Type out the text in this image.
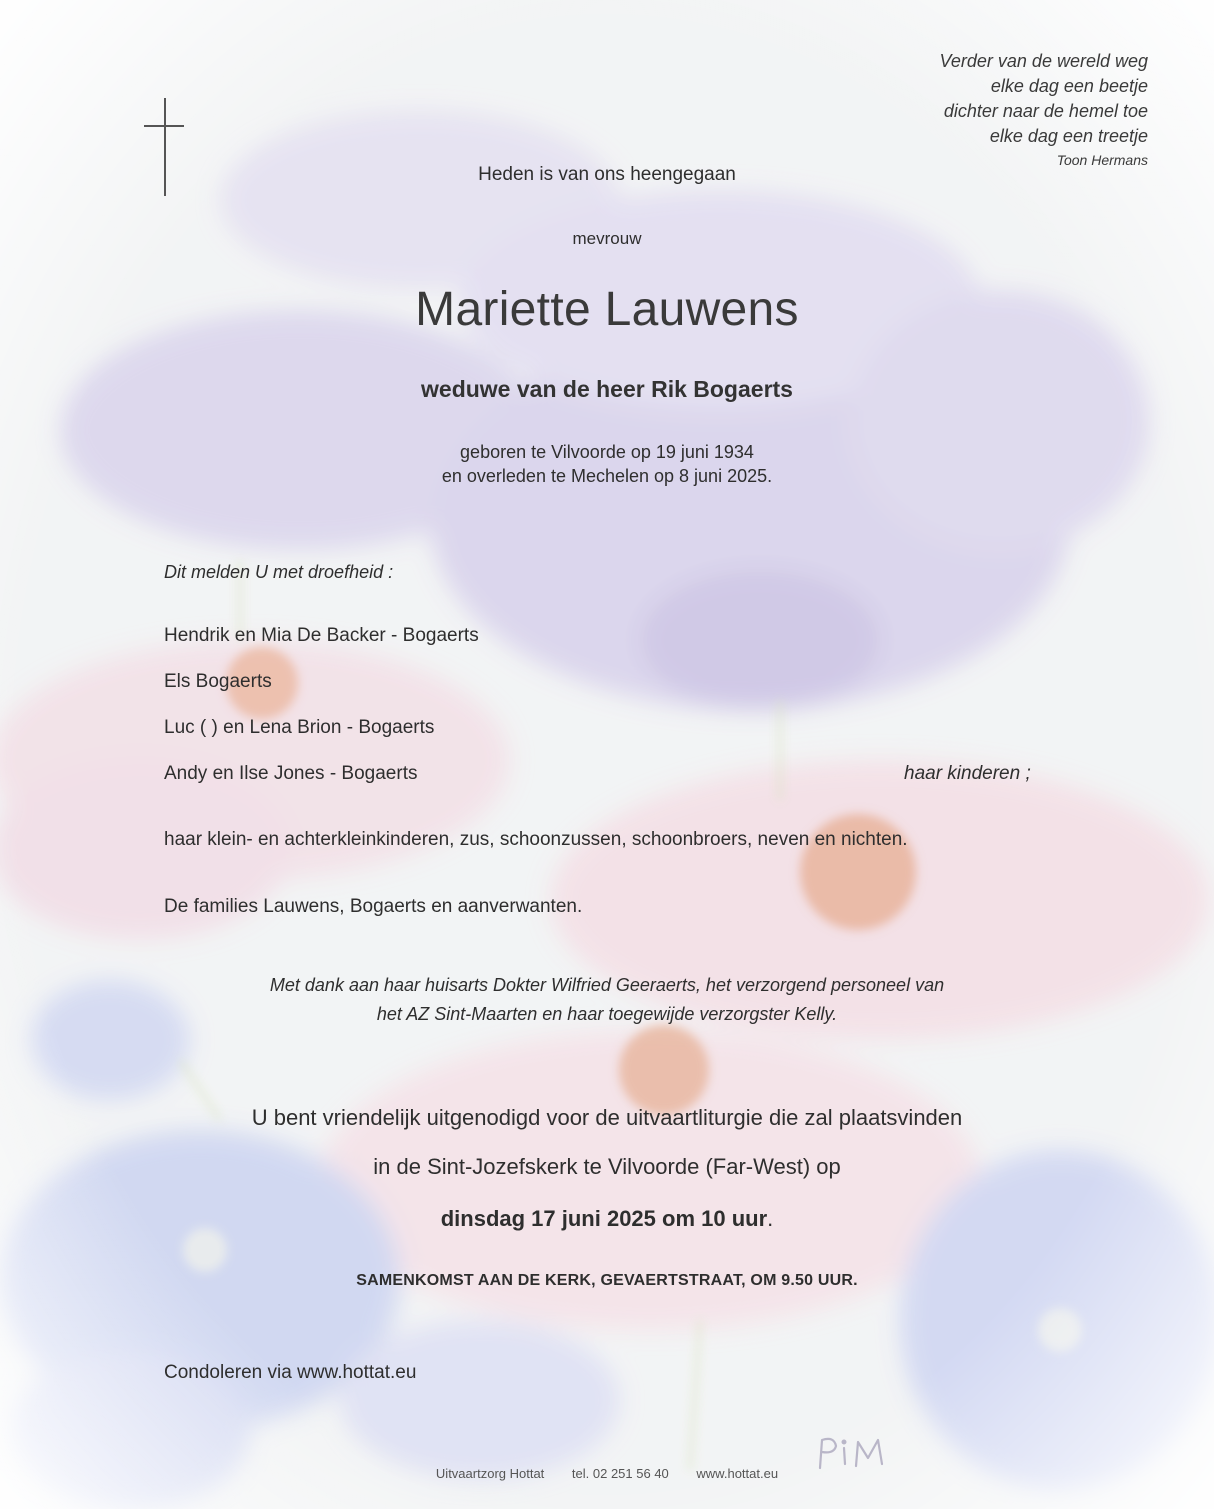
Verder van de wereld weg
elke dag een beetje
dichter naar de hemel toe
elke dag een treetje
Toon Hermans
Heden is van ons heengegaan
mevrouw
Mariette Lauwens
weduwe van de heer Rik Bogaerts
geboren te Vilvoorde op 19 juni 1934
en overleden te Mechelen op 8 juni 2025.
Dit melden U met droefheid :
Hendrik en Mia De Backer - Bogaerts
Els Bogaerts
Luc ( ) en Lena Brion - Bogaerts
Andy en Ilse Jones - Bogaerts	haar kinderen ;
haar klein- en achterkleinkinderen, zus, schoonzussen, schoonbroers, neven en nichten.
De families Lauwens, Bogaerts en aanverwanten.
Met dank aan haar huisarts Dokter Wilfried Geeraerts, het verzorgend personeel van
het AZ Sint-Maarten en haar toegewijde verzorgster Kelly.
U bent vriendelijk uitgenodigd voor de uitvaartliturgie die zal plaatsvinden
in de Sint-Jozefskerk te Vilvoorde (Far-West) op
dinsdag 17 juni 2025 om 10 uur.
SAMENKOMST AAN DE KERK, GEVAERTSTRAAT, OM 9.50 UUR.
Condoleren via www.hottat.eu
Uitvaartzorg Hottat tel. 02 251 56 40 www.hottat.eu
